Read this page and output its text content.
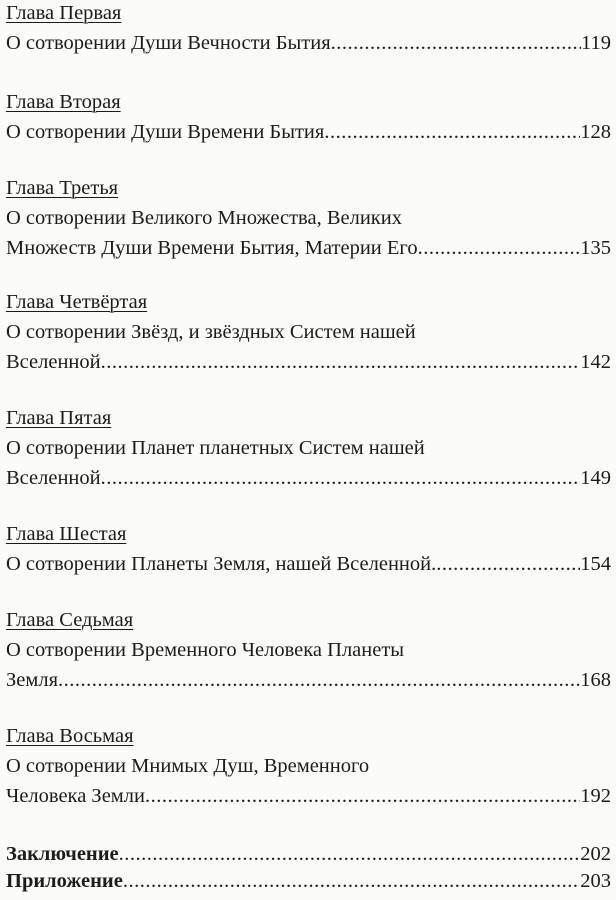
Глава Первая
О сотворении Души Вечности Бытия .....	119
Глава Вторая
О сотворении Души Времени Бытия .....	128
Глава Третья
О сотворении Великого Множества, Великих
Множеств Души Времени Бытия, Материи Его .....	135
Глава Четвёртая
О сотворении Звёзд, и звёздных Систем нашей
Вселенной .....	142
Глава Пятая
О сотворении Планет планетных Систем нашей
Вселенной .....	149
Глава Шестая
О сотворении Планеты Земля, нашей Вселенной. .....	154
Глава Седьмая
О сотворении Временного Человека Планеты
Земля .....	168
Глава Восьмая
О сотворении Мнимых Душ, Временного
Человека Земли .....	192
Заключение .....	202
Приложение .....	203
